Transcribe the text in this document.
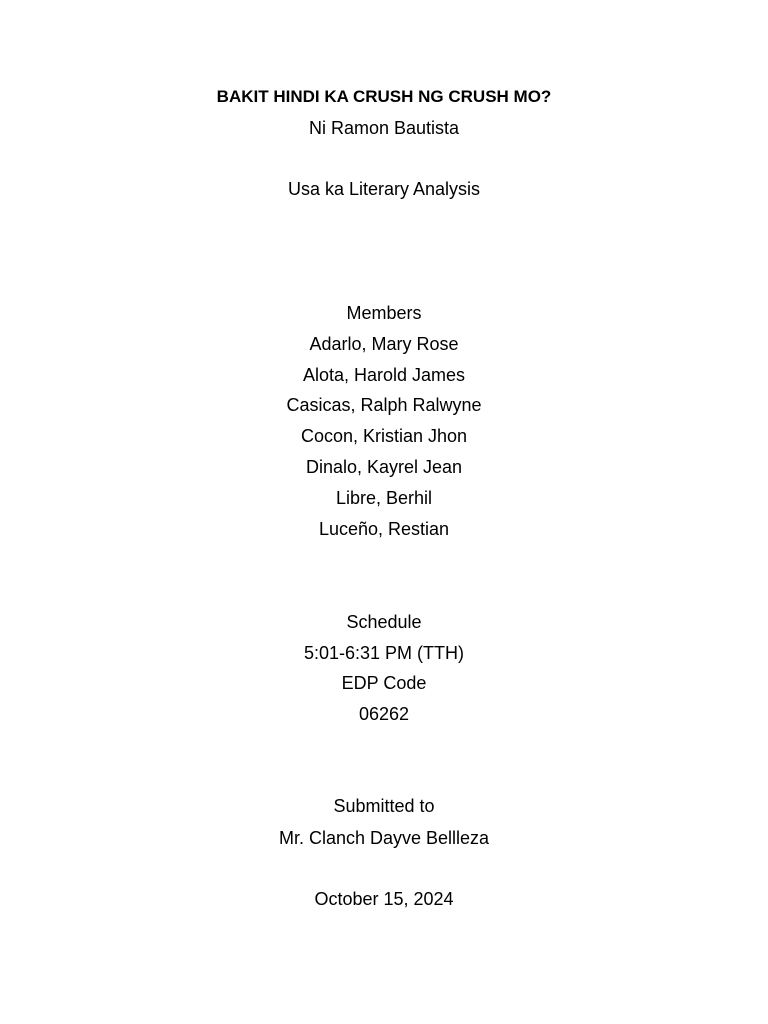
BAKIT HINDI KA CRUSH NG CRUSH MO?
Ni Ramon Bautista
Usa ka Literary Analysis
Members
Adarlo, Mary Rose
Alota, Harold James
Casicas, Ralph Ralwyne
Cocon, Kristian Jhon
Dinalo, Kayrel Jean
Libre, Berhil
Luceño, Restian
Schedule
5:01-6:31 PM (TTH)
EDP Code
06262
Submitted to
Mr. Clanch Dayve Bellleza
October 15, 2024
